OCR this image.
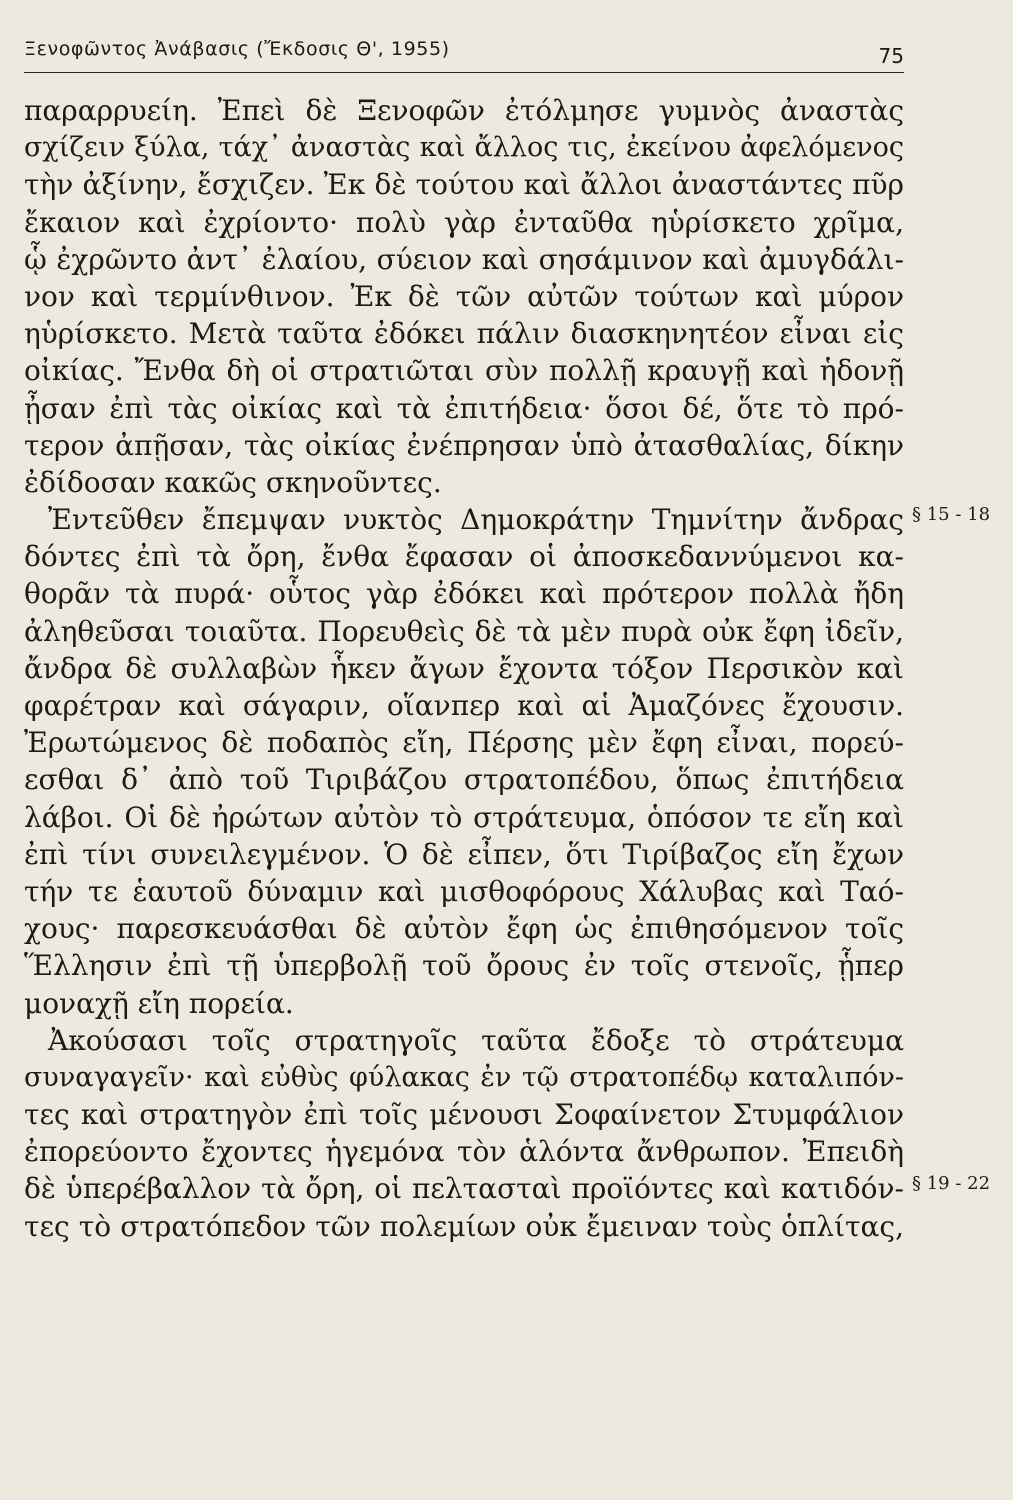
Ξενοφῶντος Ἀνάβασις (Ἔκδοσις Θ', 1955)	75
παραρρυείη. Ἐπεὶ δὲ Ξενοφῶν ἐτόλμησε γυμνὸς ἀναστὰς
σχίζειν ξύλα, τάχ᾽ ἀναστὰς καὶ ἄλλος τις, ἐκείνου ἀφελόμενος
τὴν ἀξίνην, ἔσχιζεν. Ἐκ δὲ τούτου καὶ ἄλλοι ἀναστάντες πῦρ
ἔκαιον καὶ ἐχρίοντο· πολὺ γὰρ ἐνταῦθα ηὑρίσκετο χρῖμα,
ᾧ ἐχρῶντο ἀντ᾽ ἐλαίου, σύειον καὶ σησάμινον καὶ ἀμυγδάλι-
νον καὶ τερμίνθινον. Ἐκ δὲ τῶν αὐτῶν τούτων καὶ μύρον
ηὑρίσκετο. Μετὰ ταῦτα ἐδόκει πάλιν διασκηνητέον εἶναι εἰς
οἰκίας. Ἔνθα δὴ οἱ στρατιῶται σὺν πολλῇ κραυγῇ καὶ ἡδονῇ
ᾖσαν ἐπὶ τὰς οἰκίας καὶ τὰ ἐπιτήδεια· ὅσοι δέ, ὅτε τὸ πρό-
τερον ἀπῇσαν, τὰς οἰκίας ἐνέπρησαν ὑπὸ ἀτασθαλίας, δίκην
ἐδίδοσαν κακῶς σκηνοῦντες.
Ἐντεῦθεν ἔπεμψαν νυκτὸς Δημοκράτην Τημνίτην ἄνδρας
δόντες ἐπὶ τὰ ὄρη, ἔνθα ἔφασαν οἱ ἀποσκεδαννύμενοι κα-
θορᾶν τὰ πυρά· οὗτος γὰρ ἐδόκει καὶ πρότερον πολλὰ ἤδη
ἀληθεῦσαι τοιαῦτα. Πορευθεὶς δὲ τὰ μὲν πυρὰ οὐκ ἔφη ἰδεῖν,
ἄνδρα δὲ συλλαβὼν ἧκεν ἄγων ἔχοντα τόξον Περσικὸν καὶ
φαρέτραν καὶ σάγαριν, οἵανπερ καὶ αἱ Ἀμαζόνες ἔχουσιν.
Ἐρωτώμενος δὲ ποδαπὸς εἴη, Πέρσης μὲν ἔφη εἶναι, πορεύ-
εσθαι δ᾽ ἀπὸ τοῦ Τιριβάζου στρατοπέδου, ὅπως ἐπιτήδεια
λάβοι. Οἱ δὲ ἠρώτων αὐτὸν τὸ στράτευμα, ὁπόσον τε εἴη καὶ
ἐπὶ τίνι συνειλεγμένον. Ὁ δὲ εἶπεν, ὅτι Τιρίβαζος εἴη ἔχων
τήν τε ἑαυτοῦ δύναμιν καὶ μισθοφόρους Χάλυβας καὶ Ταό-
χους· παρεσκευάσθαι δὲ αὐτὸν ἔφη ὡς ἐπιθησόμενον τοῖς
Ἕλλησιν ἐπὶ τῇ ὑπερβολῇ τοῦ ὄρους ἐν τοῖς στενοῖς, ᾗπερ
μοναχῇ εἴη πορεία.
Ἀκούσασι τοῖς στρατηγοῖς ταῦτα ἔδοξε τὸ στράτευμα
συναγαγεῖν· καὶ εὐθὺς φύλακας ἐν τῷ στρατοπέδῳ καταλιπόν-
τες καὶ στρατηγὸν ἐπὶ τοῖς μένουσι Σοφαίνετον Στυμφάλιον
ἐπορεύοντο ἔχοντες ἡγεμόνα τὸν ἁλόντα ἄνθρωπον. Ἐπειδὴ
δὲ ὑπερέβαλλον τὰ ὄρη, οἱ πελτασταὶ προϊόντες καὶ κατιδόν-
τες τὸ στρατόπεδον τῶν πολεμίων οὐκ ἔμειναν τοὺς ὁπλίτας,
§ 15 - 18
§ 19 - 22
